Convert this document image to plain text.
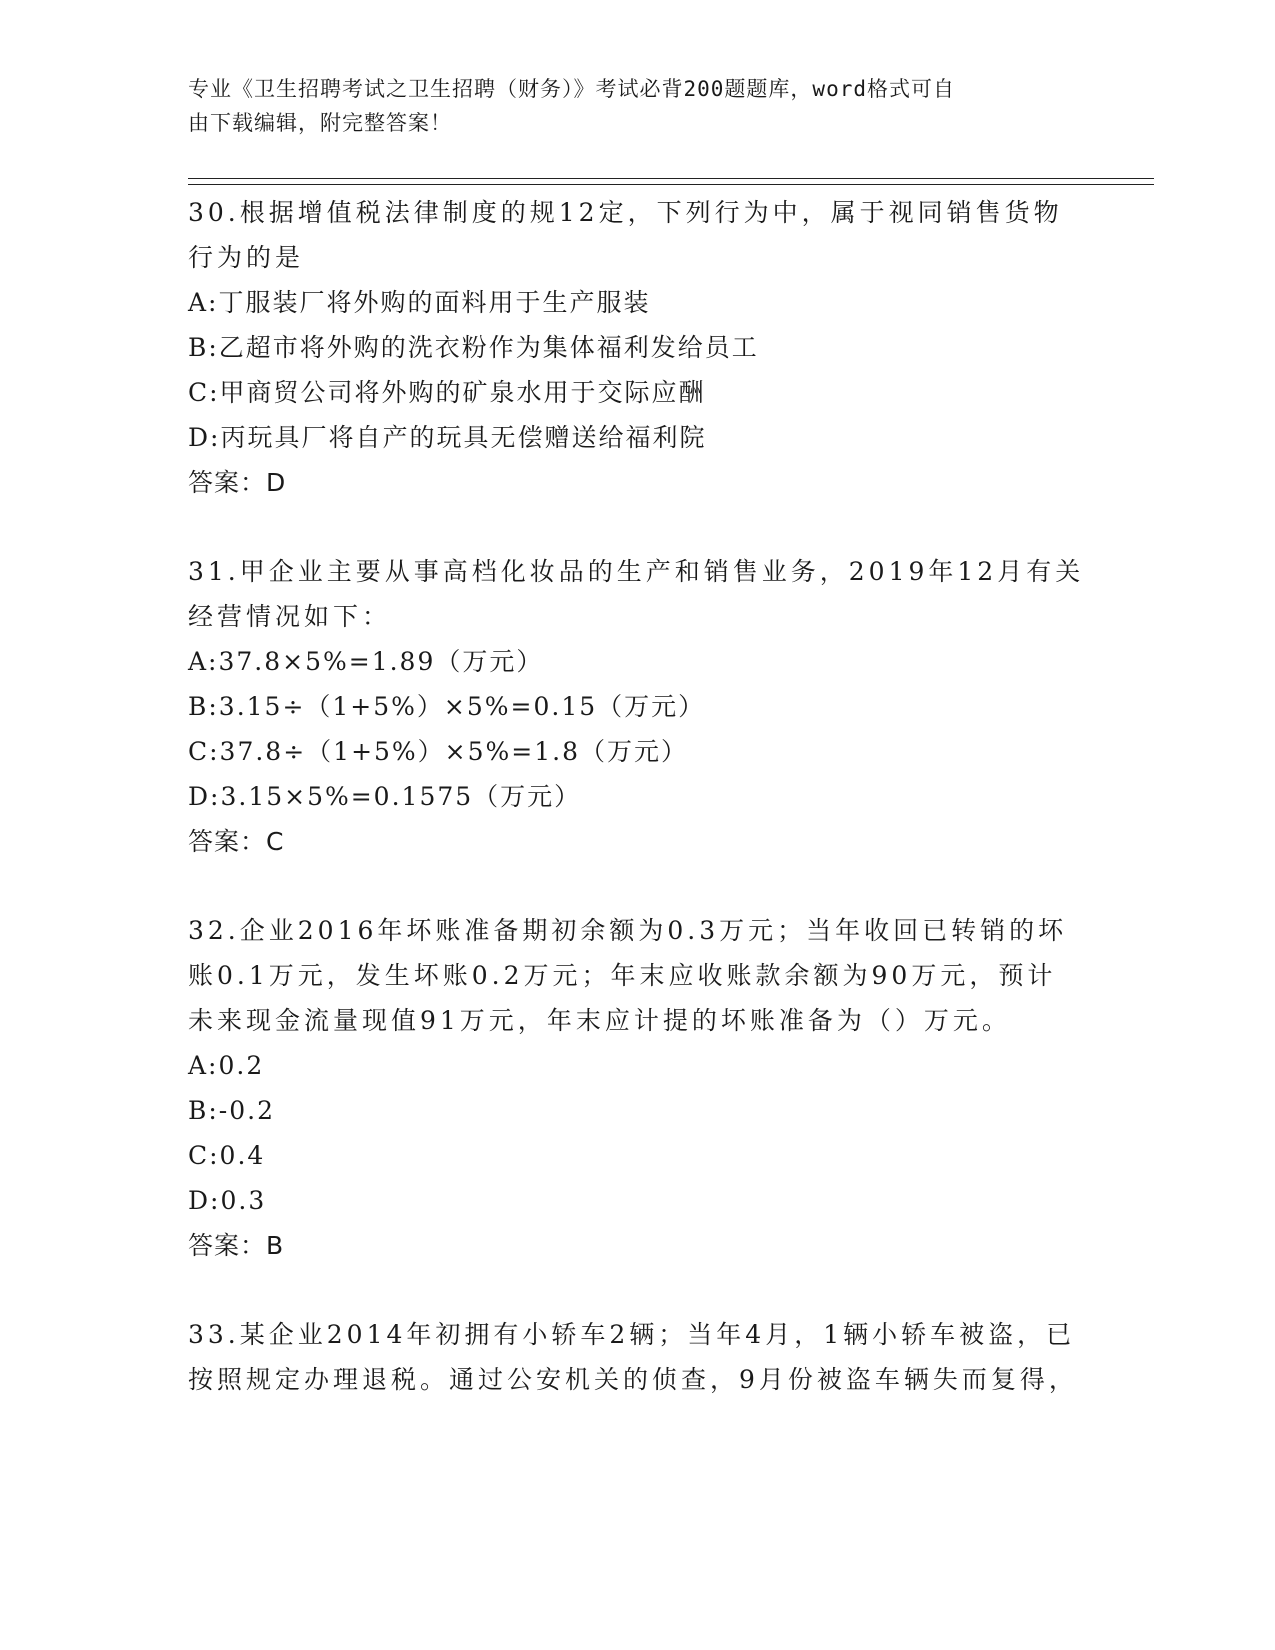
专业《卫生招聘考试之卫生招聘（财务）》考试必背200题题库，word格式可自
由下载编辑，附完整答案！
30.根据增值税法律制度的规12定，下列行为中，属于视同销售货物
行为的是
A:丁服装厂将外购的面料用于生产服装
B:乙超市将外购的洗衣粉作为集体福利发给员工
C:甲商贸公司将外购的矿泉水用于交际应酬
D:丙玩具厂将自产的玩具无偿赠送给福利院
答案：D
31.甲企业主要从事高档化妆品的生产和销售业务，2019年12月有关
经营情况如下：
A:37.8×5%=1.89（万元）
B:3.15÷（1+5%）×5%=0.15（万元）
C:37.8÷（1+5%）×5%=1.8（万元）
D:3.15×5%=0.1575（万元）
答案：C
32.企业2016年坏账准备期初余额为0.3万元；当年收回已转销的坏
账0.1万元，发生坏账0.2万元；年末应收账款余额为90万元，预计
未来现金流量现值91万元，年末应计提的坏账准备为（）万元。
A:0.2
B:-0.2
C:0.4
D:0.3
答案：B
33.某企业2014年初拥有小轿车2辆；当年4月，1辆小轿车被盗，已
按照规定办理退税。通过公安机关的侦查，9月份被盗车辆失而复得，
